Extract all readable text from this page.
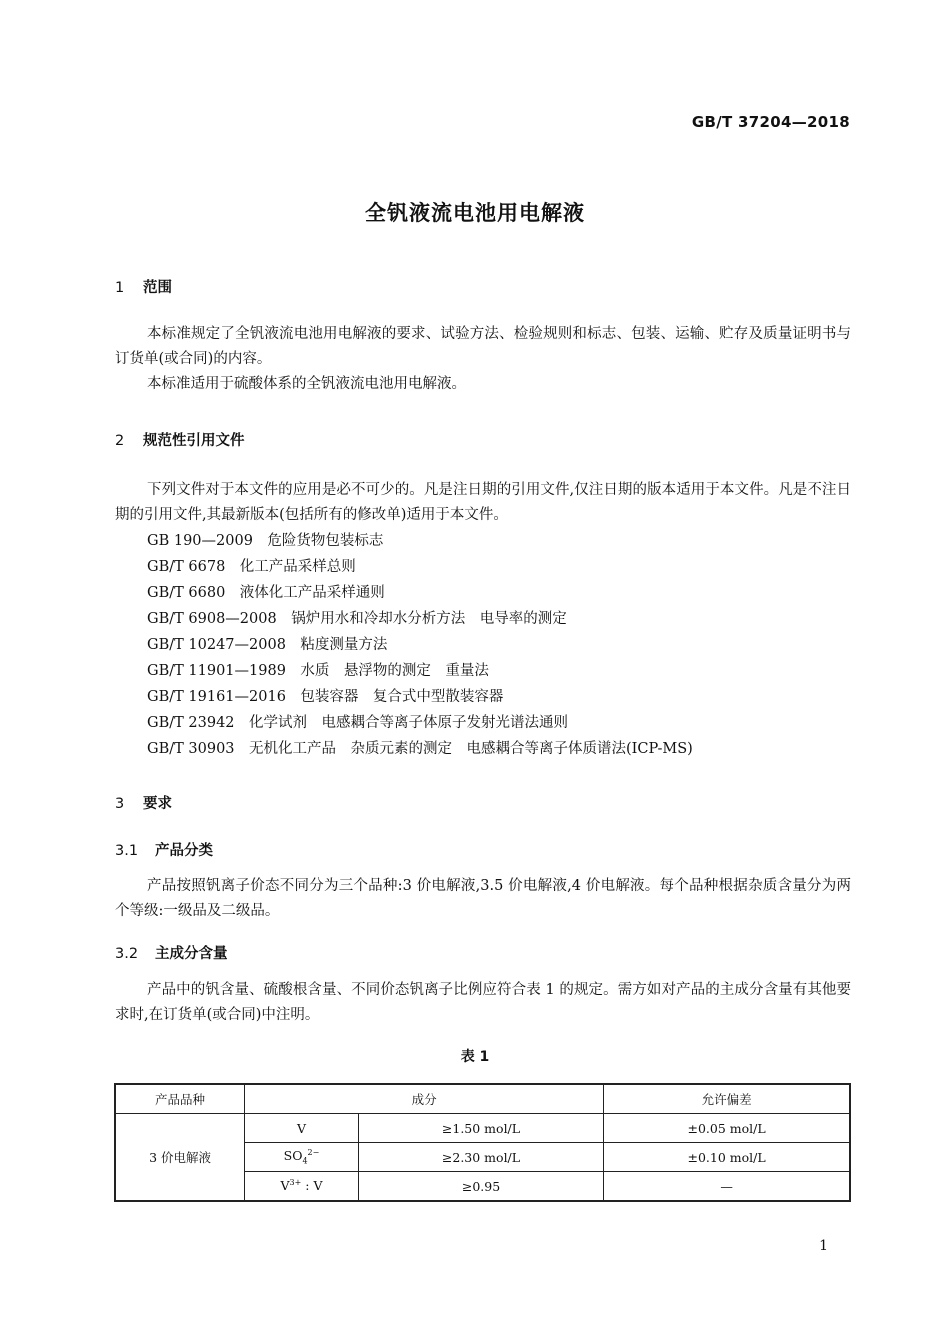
GB/T 37204—2018
全钒液流电池用电解液
1 范围

本标准规定了全钒液流电池用电解液的要求、试验方法、检验规则和标志、包装、运输、贮存及质量证明书与订货单(或合同)的内容。

本标准适用于硫酸体系的全钒液流电池用电解液。

2 规范性引用文件

下列文件对于本文件的应用是必不可少的。凡是注日期的引用文件,仅注日期的版本适用于本文件。凡是不注日期的引用文件,其最新版本(包括所有的修改单)适用于本文件。

GB 190—2009　危险货物包装标志
GB/T 6678　化工产品采样总则
GB/T 6680　液体化工产品采样通则
GB/T 6908—2008　锅炉用水和冷却水分析方法　电导率的测定
GB/T 10247—2008　粘度测量方法
GB/T 11901—1989　水质　悬浮物的测定　重量法
GB/T 19161—2016　包装容器　复合式中型散装容器
GB/T 23942　化学试剂　电感耦合等离子体原子发射光谱法通则
GB/T 30903　无机化工产品　杂质元素的测定　电感耦合等离子体质谱法(ICP-MS)
3 要求
3.1 产品分类

产品按照钒离子价态不同分为三个品种:3 价电解液,3.5 价电解液,4 价电解液。每个品种根据杂质含量分为两个等级:一级品及二级品。

3.2 主成分含量

产品中的钒含量、硫酸根含量、不同价态钒离子比例应符合表 1 的规定。需方如对产品的主成分含量有其他要求时,在订货单(或合同)中注明。

表 1
产品品种	成分		允许偏差
3 价电解液	V	≥1.50 mol/L	±0.05 mol/L
	$SO_4^{2-}$	≥2.30 mol/L	±0.10 mol/L
	$V^{3+}$ : V	≥0.95	—
1
